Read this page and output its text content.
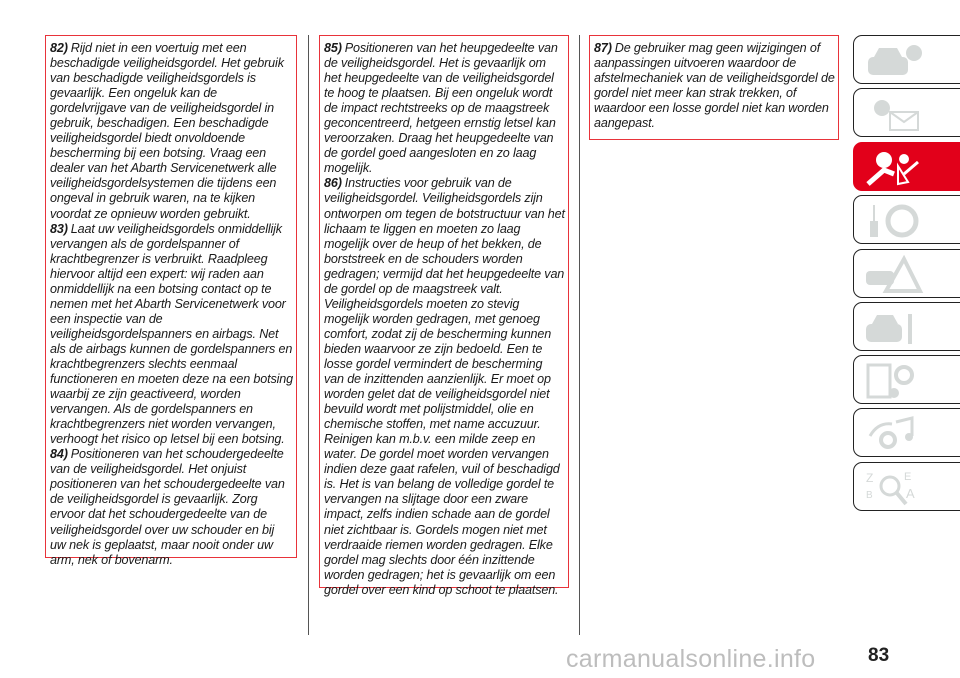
82) Rijd niet in een voertuig met een beschadigde veiligheidsgordel. Het gebruik van beschadigde veiligheidsgordels is gevaarlijk. Een ongeluk kan de gordelvrijgave van de veiligheidsgordel in gebruik, beschadigen. Een beschadigde veiligheidsgordel biedt onvoldoende bescherming bij een botsing. Vraag een dealer van het Abarth Servicenetwerk alle veiligheidsgordelsystemen die tijdens een ongeval in gebruik waren, na te kijken voordat ze opnieuw worden gebruikt.

83) Laat uw veiligheidsgordels onmiddellijk vervangen als de gordelspanner of krachtbegrenzer is verbruikt. Raadpleeg hiervoor altijd een expert: wij raden aan onmiddellijk na een botsing contact op te nemen met het Abarth Servicenetwerk voor een inspectie van de veiligheidsgordelspanners en airbags. Net als de airbags kunnen de gordelspanners en krachtbegrenzers slechts eenmaal functioneren en moeten deze na een botsing waarbij ze zijn geactiveerd, worden vervangen. Als de gordelspanners en krachtbegrenzers niet worden vervangen, verhoogt het risico op letsel bij een botsing.

84) Positioneren van het schoudergedeelte van de veiligheidsgordel. Het onjuist positioneren van het schoudergedeelte van de veiligheidsgordel is gevaarlijk. Zorg ervoor dat het schoudergedeelte van de veiligheidsgordel over uw schouder en bij uw nek is geplaatst, maar nooit onder uw arm, nek of bovenarm.

85) Positioneren van het heupgedeelte van de veiligheidsgordel. Het is gevaarlijk om het heupgedeelte van de veiligheidsgordel te hoog te plaatsen. Bij een ongeluk wordt de impact rechtstreeks op de maagstreek geconcentreerd, hetgeen ernstig letsel kan veroorzaken. Draag het heupgedeelte van de gordel goed aangesloten en zo laag mogelijk.

86) Instructies voor gebruik van de veiligheidsgordel. Veiligheidsgordels zijn ontworpen om tegen de botstructuur van het lichaam te liggen en moeten zo laag mogelijk over de heup of het bekken, de borststreek en de schouders worden gedragen; vermijd dat het heupgedeelte van de gordel op de maagstreek valt. Veiligheidsgordels moeten zo stevig mogelijk worden gedragen, met genoeg comfort, zodat zij de bescherming kunnen bieden waarvoor ze zijn bedoeld. Een te losse gordel vermindert de bescherming van de inzittenden aanzienlijk. Er moet op worden gelet dat de veiligheidsgordel niet bevuild wordt met polijstmiddel, olie en chemische stoffen, met name accuzuur. Reinigen kan m.b.v. een milde zeep en water. De gordel moet worden vervangen indien deze gaat rafelen, vuil of beschadigd is. Het is van belang de volledige gordel te vervangen na slijtage door een zware impact, zelfs indien schade aan de gordel niet zichtbaar is. Gordels mogen niet met verdraaide riemen worden gedragen. Elke gordel mag slechts door één inzittende worden gedragen; het is gevaarlijk om een gordel over een kind op schoot te plaatsen.

87) De gebruiker mag geen wijzigingen of aanpassingen uitvoeren waardoor de afstelmechaniek van de veiligheidsgordel de gordel niet meer kan strak trekken, of waardoor een losse gordel niet kan worden aangepast.

Z	E
B	A
83
carmanualsonline.info
